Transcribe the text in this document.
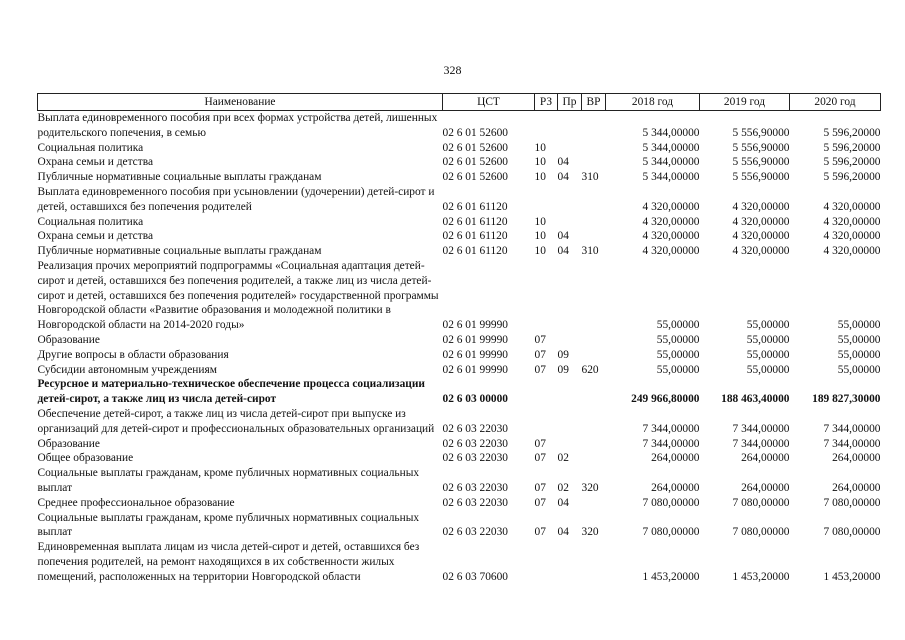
328
Наименование	ЦСТ	РЗ	Пр	ВР	2018 год	2019 год	2020 год
Выплата единовременного пособия при всех формах устройства детей, лишенных родительского попечения, в семью	02 6 01 52600				5 344,00000	5 556,90000	5 596,20000
Социальная политика	02 6 01 52600	10			5 344,00000	5 556,90000	5 596,20000
Охрана семьи и детства	02 6 01 52600	10	04		5 344,00000	5 556,90000	5 596,20000
Публичные нормативные социальные выплаты гражданам	02 6 01 52600	10	04	310	5 344,00000	5 556,90000	5 596,20000
Выплата единовременного пособия при усыновлении (удочерении) детей-сирот и детей, оставшихся без попечения родителей	02 6 01 61120				4 320,00000	4 320,00000	4 320,00000
Социальная политика	02 6 01 61120	10			4 320,00000	4 320,00000	4 320,00000
Охрана семьи и детства	02 6 01 61120	10	04		4 320,00000	4 320,00000	4 320,00000
Публичные нормативные социальные выплаты гражданам	02 6 01 61120	10	04	310	4 320,00000	4 320,00000	4 320,00000
Реализация прочих мероприятий подпрограммы «Социальная адаптация детей-сирот и детей, оставшихся без попечения родителей, а также лиц из числа детей-сирот и детей, оставшихся без попечения родителей» государственной программы Новгородской области «Развитие образования и молодежной политики в Новгородской области на 2014-2020 годы»	02 6 01 99990				55,00000	55,00000	55,00000
Образование	02 6 01 99990	07			55,00000	55,00000	55,00000
Другие вопросы в области образования	02 6 01 99990	07	09		55,00000	55,00000	55,00000
Субсидии автономным учреждениям	02 6 01 99990	07	09	620	55,00000	55,00000	55,00000
Ресурсное и материально-техническое обеспечение процесса социализации детей-сирот, а также лиц из числа детей-сирот	02 6 03 00000				249 966,80000	188 463,40000	189 827,30000
Обеспечение детей-сирот, а также лиц из числа детей-сирот при выпуске из организаций для детей-сирот и профессиональных образовательных организаций	02 6 03 22030				7 344,00000	7 344,00000	7 344,00000
Образование	02 6 03 22030	07			7 344,00000	7 344,00000	7 344,00000
Общее образование	02 6 03 22030	07	02		264,00000	264,00000	264,00000
Социальные выплаты гражданам, кроме публичных нормативных социальных выплат	02 6 03 22030	07	02	320	264,00000	264,00000	264,00000
Среднее профессиональное образование	02 6 03 22030	07	04		7 080,00000	7 080,00000	7 080,00000
Социальные выплаты гражданам, кроме публичных нормативных социальных выплат	02 6 03 22030	07	04	320	7 080,00000	7 080,00000	7 080,00000
Единовременная выплата лицам из числа детей-сирот и детей, оставшихся без попечения родителей, на ремонт находящихся в их собственности жилых помещений, расположенных на территории Новгородской области	02 6 03 70600				1 453,20000	1 453,20000	1 453,20000
